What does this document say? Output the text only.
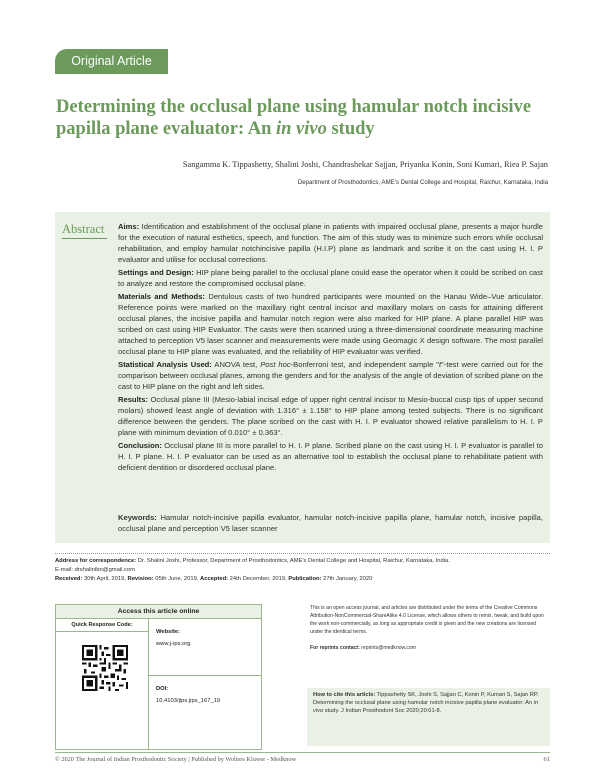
Original Article
Determining the occlusal plane using hamular notch incisive papilla plane evaluator: An in vivo study
Sangamma K. Tippashetty, Shalini Joshi, Chandrashekar Sajjan, Priyanka Konin, Soni Kumari, Riea P. Sajan
Department of Prosthodontics, AME's Dental College and Hospital, Raichur, Karnataka, India
Abstract Aims: Identification and establishment of the occlusal plane in patients with impaired occlusal plane, presents a major hurdle for the execution of natural esthetics, speech, and function. The aim of this study was to minimize such errors while occlusal rehabilitation, and employ hamular notchincisive papilla (H.I.P) plane as landmark and scribe it on the cast using H. I. P evaluator and utilise for occlusal corrections.

Settings and Design: HIP plane being parallel to the occlusal plane could ease the operator when it could be scribed on cast to analyze and restore the compromised occlusal plane.

Materials and Methods: Dentulous casts of two hundred participants were mounted on the Hanau Wide–Vue articulator. Reference points were marked on the maxillary right central incisor and maxillary molars on casts for attaining different occlusal planes, the incisive papilla and hamular notch region were also marked for HIP plane. A plane parallel HIP was scribed on cast using HIP Evaluator. The casts were then scanned using a three‑dimensional coordinate measuring machine attached to perception V5 laser scanner and measurements were made using Geomagic X design software. The most parallel occlusal plane to HIP plane was evaluated, and the reliability of HIP evaluator was verified.

Statistical Analysis Used: ANOVA test, Post hoc‑Bonferroni test, and independent sample "t"‑test were carried out for the comparison between occlusal planes, among the genders and for the analysis of the angle of deviation of scribed plane on the cast to HIP plane on the right and left sides.

Results: Occlusal plane III (Mesio‑labial incisal edge of upper right central incisor to Mesio‑buccal cusp tips of upper second molars) showed least angle of deviation with 1.316° ± 1.158° to HIP plane among tested subjects. There is no significant difference between the genders. The plane scribed on the cast with H. I. P evaluator showed relative parallelism to H. I. P plane with minimum deviation of 0.010° ± 0.363°.

Conclusion: Occlusal plane III is more parallel to H. I. P plane. Scribed plane on the cast using H. I. P evaluator is parallel to H. I. P plane. H. I. P evaluator can be used as an alternative tool to establish the occlusal plane to rehabilitate patient with deficient dentition or disordered occlusal plane.

Keywords: Hamular notch‑incisive papilla evaluator, hamular notch‑incisive papilla plane, hamular notch, incisive papilla, occlusal plane and perception V5 laser scanner
Address for correspondence: Dr. Shalini Joshi, Professor, Department of Prosthodontics, AME's Dental College and Hospital, Raichur, Karnataka, India.
E‑mail: drshalinibn@gmail.com
Received: 30th April, 2019, Revision: 05th June, 2019, Accepted: 24th December, 2019, Publication: 27th January, 2020
Access this article online
Quick Response Code:
Website:
www.j-ips.org
DOI:
10.4103/jips.jips_167_19
This is an open access journal, and articles are distributed under the terms of the Creative Commons Attribution‑NonCommercial‑ShareAlike 4.0 License, which allows others to remix, tweak, and build upon the work non‑commercially, as long as appropriate credit is given and the new creations are licensed under the identical terms.
For reprints contact: reprints@medknow.com
How to cite this article: Tippashetty SK, Joshi S, Sajjan C, Konin P, Kumari S, Sajan RP. Determining the occlusal plane using hamular notch incisive papilla plane evaluator: An in vivo study. J Indian Prosthodont Soc 2020;20:61-8.
© 2020 The Journal of Indian Prosthodontic Society | Published by Wolters Kluwer - Medknow	61
